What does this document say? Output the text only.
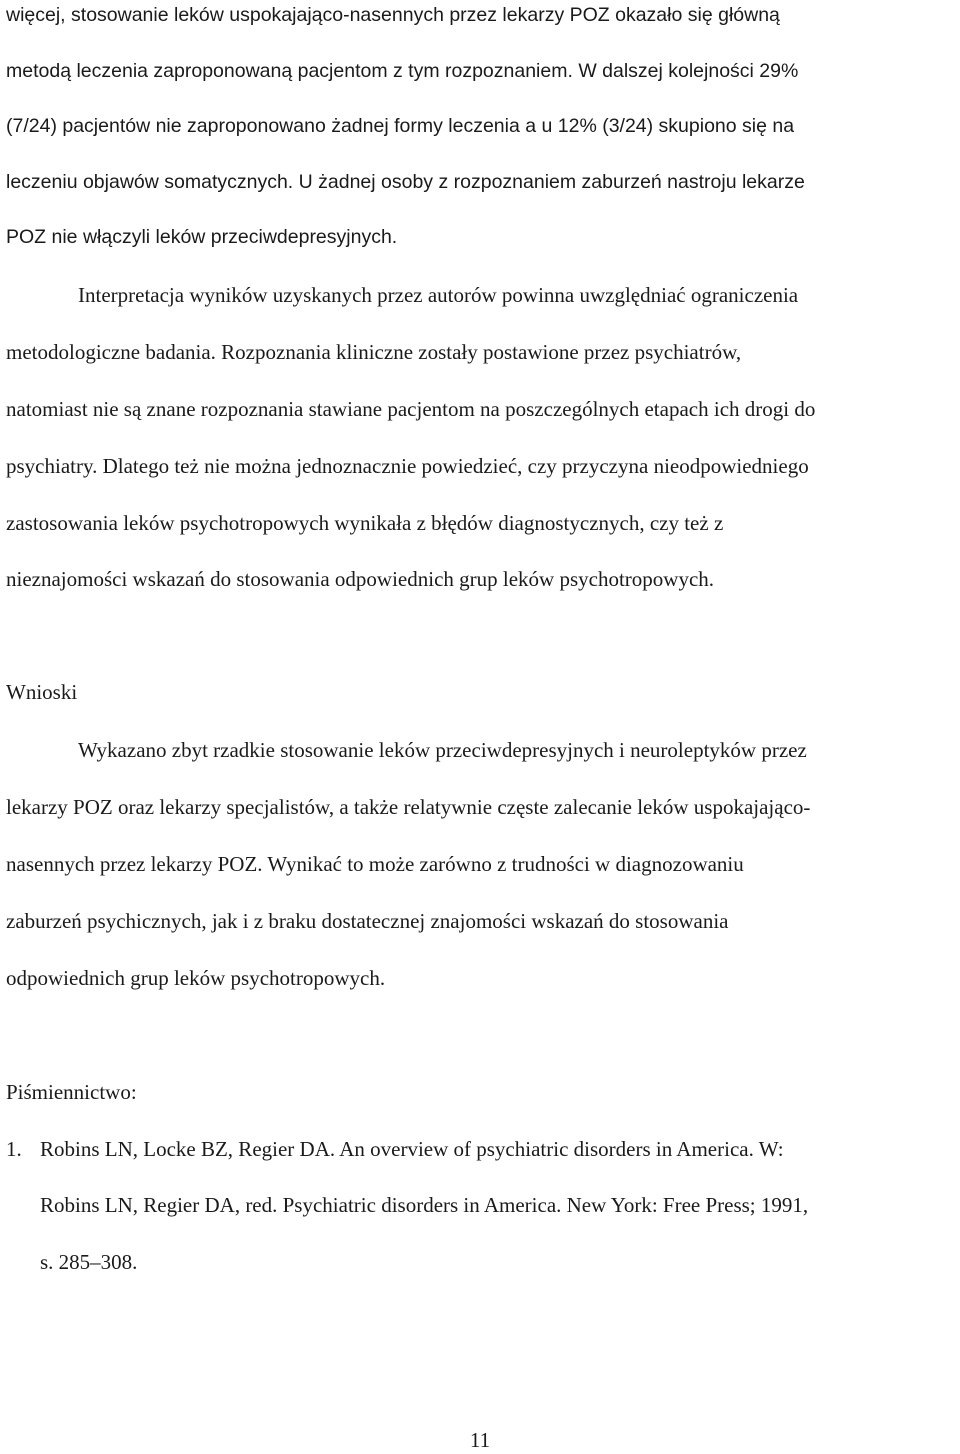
więcej, stosowanie leków uspokajająco-nasennych przez lekarzy POZ okazało się główną
metodą leczenia zaproponowaną pacjentom z tym rozpoznaniem. W dalszej kolejności 29%
(7/24) pacjentów nie zaproponowano żadnej formy leczenia a u 12% (3/24) skupiono się na
leczeniu objawów somatycznych. U żadnej osoby z rozpoznaniem zaburzeń nastroju lekarze
POZ nie włączyli leków przeciwdepresyjnych.
Interpretacja wyników uzyskanych przez autorów powinna uwzględniać ograniczenia
metodologiczne badania. Rozpoznania kliniczne zostały postawione przez psychiatrów,
natomiast nie są znane rozpoznania stawiane pacjentom na poszczególnych etapach ich drogi do
psychiatry. Dlatego też nie można jednoznacznie powiedzieć, czy przyczyna nieodpowiedniego
zastosowania leków psychotropowych wynikała z błędów diagnostycznych, czy też z
nieznajomości wskazań do stosowania odpowiednich grup leków psychotropowych.
Wnioski
Wykazano zbyt rzadkie stosowanie leków przeciwdepresyjnych i neuroleptyków przez
lekarzy POZ oraz lekarzy specjalistów, a także relatywnie częste zalecanie leków uspokajająco-
nasennych przez lekarzy POZ. Wynikać to może zarówno z trudności w diagnozowaniu
zaburzeń psychicznych, jak i z braku dostatecznej znajomości wskazań do stosowania
odpowiednich grup leków psychotropowych.
Piśmiennictwo:
1. Robins LN, Locke BZ, Regier DA. An overview of psychiatric disorders in America. W:
Robins LN, Regier DA, red. Psychiatric disorders in America. New York: Free Press; 1991,
s. 285–308.
11
